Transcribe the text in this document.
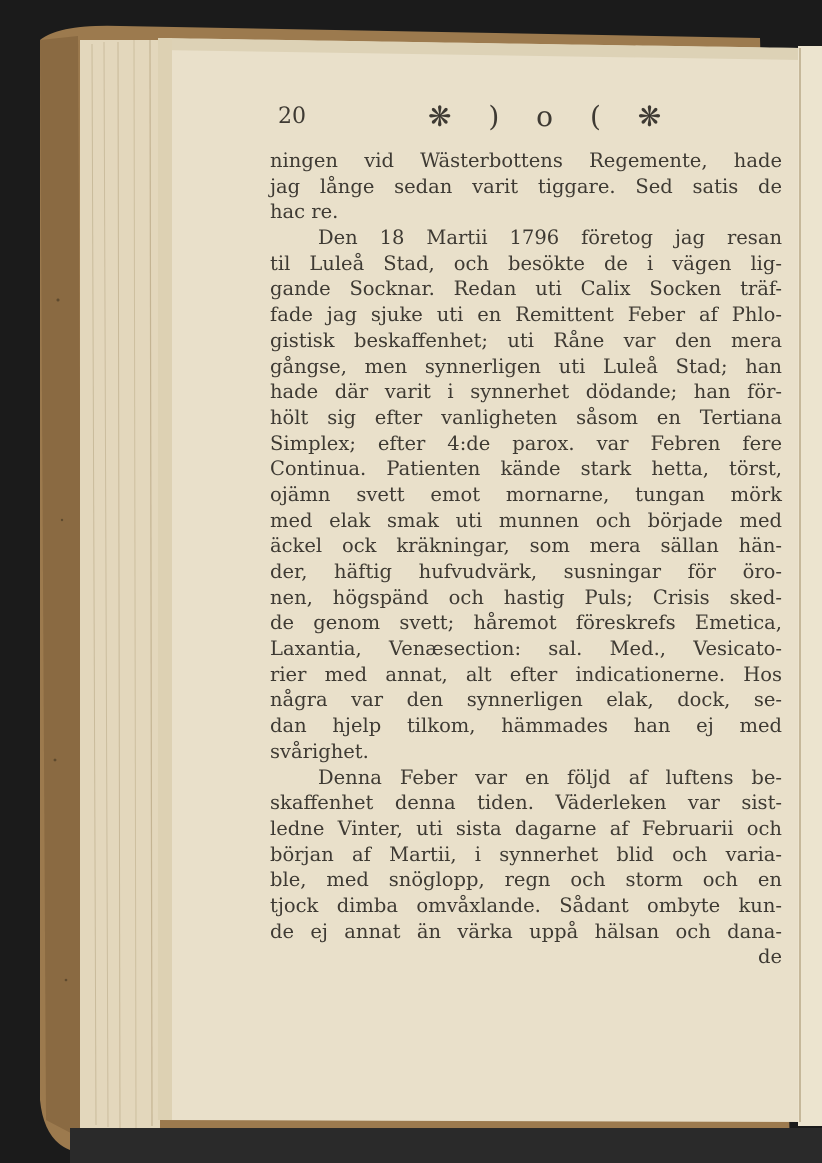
20	❋ ) o ( ❋
ningen vid Wästerbottens Regemente, hade
jag långe sedan varit tiggare. Sed satis de
hac re.
Den 18 Martii 1796 företog jag resan
til Luleå Stad, och besökte de i vägen lig-
gande Socknar. Redan uti Calix Socken träf-
fade jag sjuke uti en Remittent Feber af Phlo-
gistisk beskaffenhet; uti Råne var den mera
gångse, men synnerligen uti Luleå Stad; han
hade där varit i synnerhet dödande; han för-
hölt sig efter vanligheten såsom en Tertiana
Simplex; efter 4:de parox. var Febren fere
Continua. Patienten kände stark hetta, törst,
ojämn svett emot mornarne, tungan mörk
med elak smak uti munnen och började med
äckel ock kräkningar, som mera sällan hän-
der, häftig hufvudvärk, susningar för öro-
nen, högspänd och hastig Puls; Crisis sked-
de genom svett; håremot föreskrefs Emetica,
Laxantia, Venæsection: sal. Med., Vesicato-
rier med annat, alt efter indicationerne. Hos
några var den synnerligen elak, dock, se-
dan hjelp tilkom, hämmades han ej med
svårighet.
Denna Feber var en följd af luftens be-
skaffenhet denna tiden. Väderleken var sist-
ledne Vinter, uti sista dagarne af Februarii och
början af Martii, i synnerhet blid och varia-
ble, med snöglopp, regn och storm och en
tjock dimba omvåxlande. Sådant ombyte kun-
de ej annat än värka uppå hälsan och dana-
de
